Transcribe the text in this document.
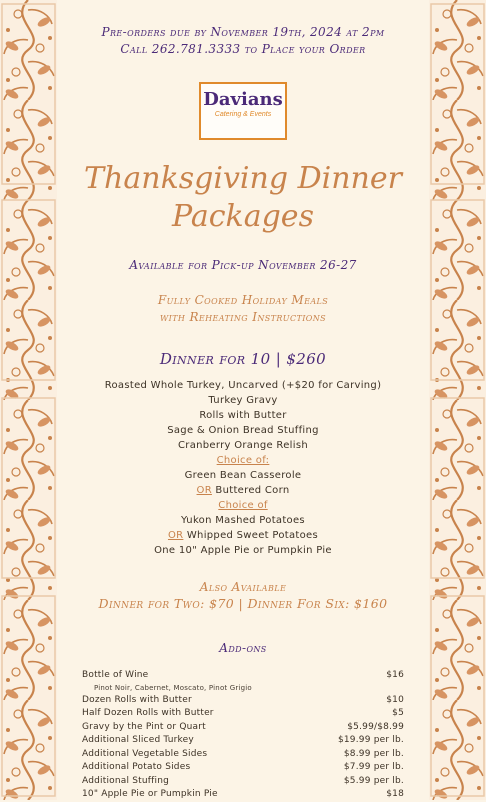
Pre-orders due by November 19th, 2024 at 2pm
Call 262.781.3333 to Place your Order
Davians
Catering & Events
Thanksgiving Dinner
Packages
Available for Pick-up November 26-27
Fully Cooked Holiday Meals
with Reheating Instructions
Dinner for 10 | $260
Roasted Whole Turkey, Uncarved (+$20 for Carving)
Turkey Gravy
Rolls with Butter
Sage & Onion Bread Stuffing
Cranberry Orange Relish
Choice of:
Green Bean Casserole
OR Buttered Corn
Choice of
Yukon Mashed Potatoes
OR Whipped Sweet Potatoes
One 10" Apple Pie or Pumpkin Pie
Also Available
Dinner for Two: $70 | Dinner For Six: $160
Add-ons
Bottle of Wine	$16
Pinot Noir, Cabernet, Moscato, Pinot Grigio
Dozen Rolls with Butter	$10
Half Dozen Rolls with Butter	$5
Gravy by the Pint or Quart	$5.99/$8.99
Additional Sliced Turkey	$19.99 per lb.
Additional Vegetable Sides	$8.99 per lb.
Additional Potato Sides	$7.99 per lb.
Additional Stuffing	$5.99 per lb.
10" Apple Pie or Pumpkin Pie	$18
